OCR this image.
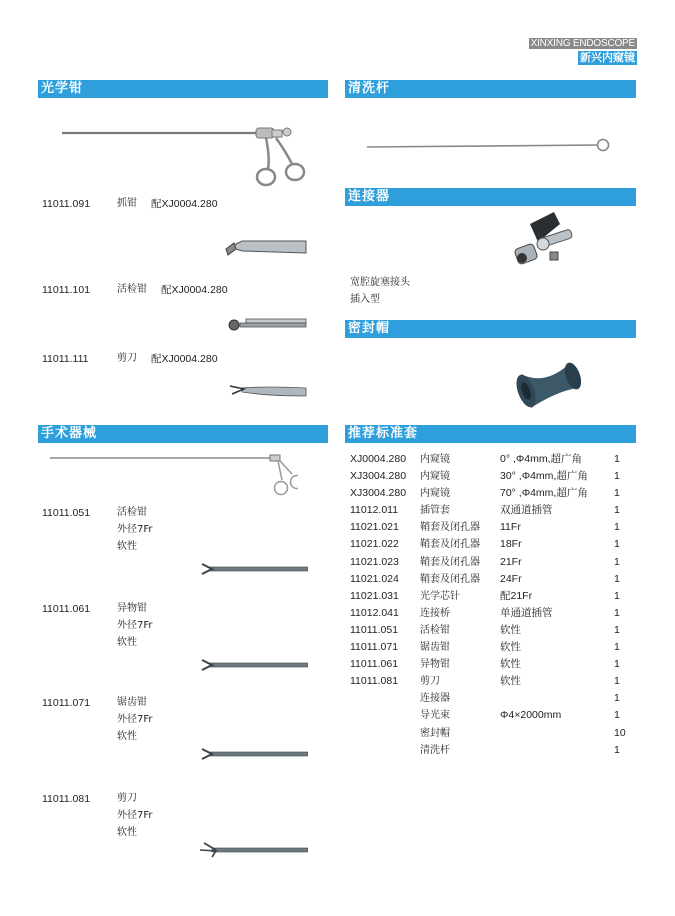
XINXING ENDOSCOPE
新兴内窥镜
光学钳
11011.091	抓钳 配XJ0004.280
11011.101	活检钳 配XJ0004.280
11011.111	剪刀 配XJ0004.280
手术器械
11011.051	活检钳
外径7Fr
软性
11011.061	异物钳
外径7Fr
软性
11011.071	锯齿钳
外径7Fr
软性
11011.081	剪刀
外径7Fr
软性
清洗杆
连接器
宽腔旋塞接头
插入型
密封帽
推荐标准套
XJ0004.280	内窥镜	0° ,Φ4mm,超广角	1
XJ3004.280	内窥镜	30° ,Φ4mm,超广角	1
XJ3004.280	内窥镜	70° ,Φ4mm,超广角	1
11012.011	插管套	双通道插管	1
11021.021	鞘套及闭孔器	11Fr	1
11021.022	鞘套及闭孔器	18Fr	1
11021.023	鞘套及闭孔器	21Fr	1
11021.024	鞘套及闭孔器	24Fr	1
11021.031	光学芯针	配21Fr	1
11012.041	连接桥	单通道插管	1
11011.051	活检钳	软性	1
11011.071	锯齿钳	软性	1
11011.061	异物钳	软性	1
11011.081	剪刀	软性	1
	连接器		1
	导光束	Φ4×2000mm	1
	密封帽		10
	清洗杆		1
